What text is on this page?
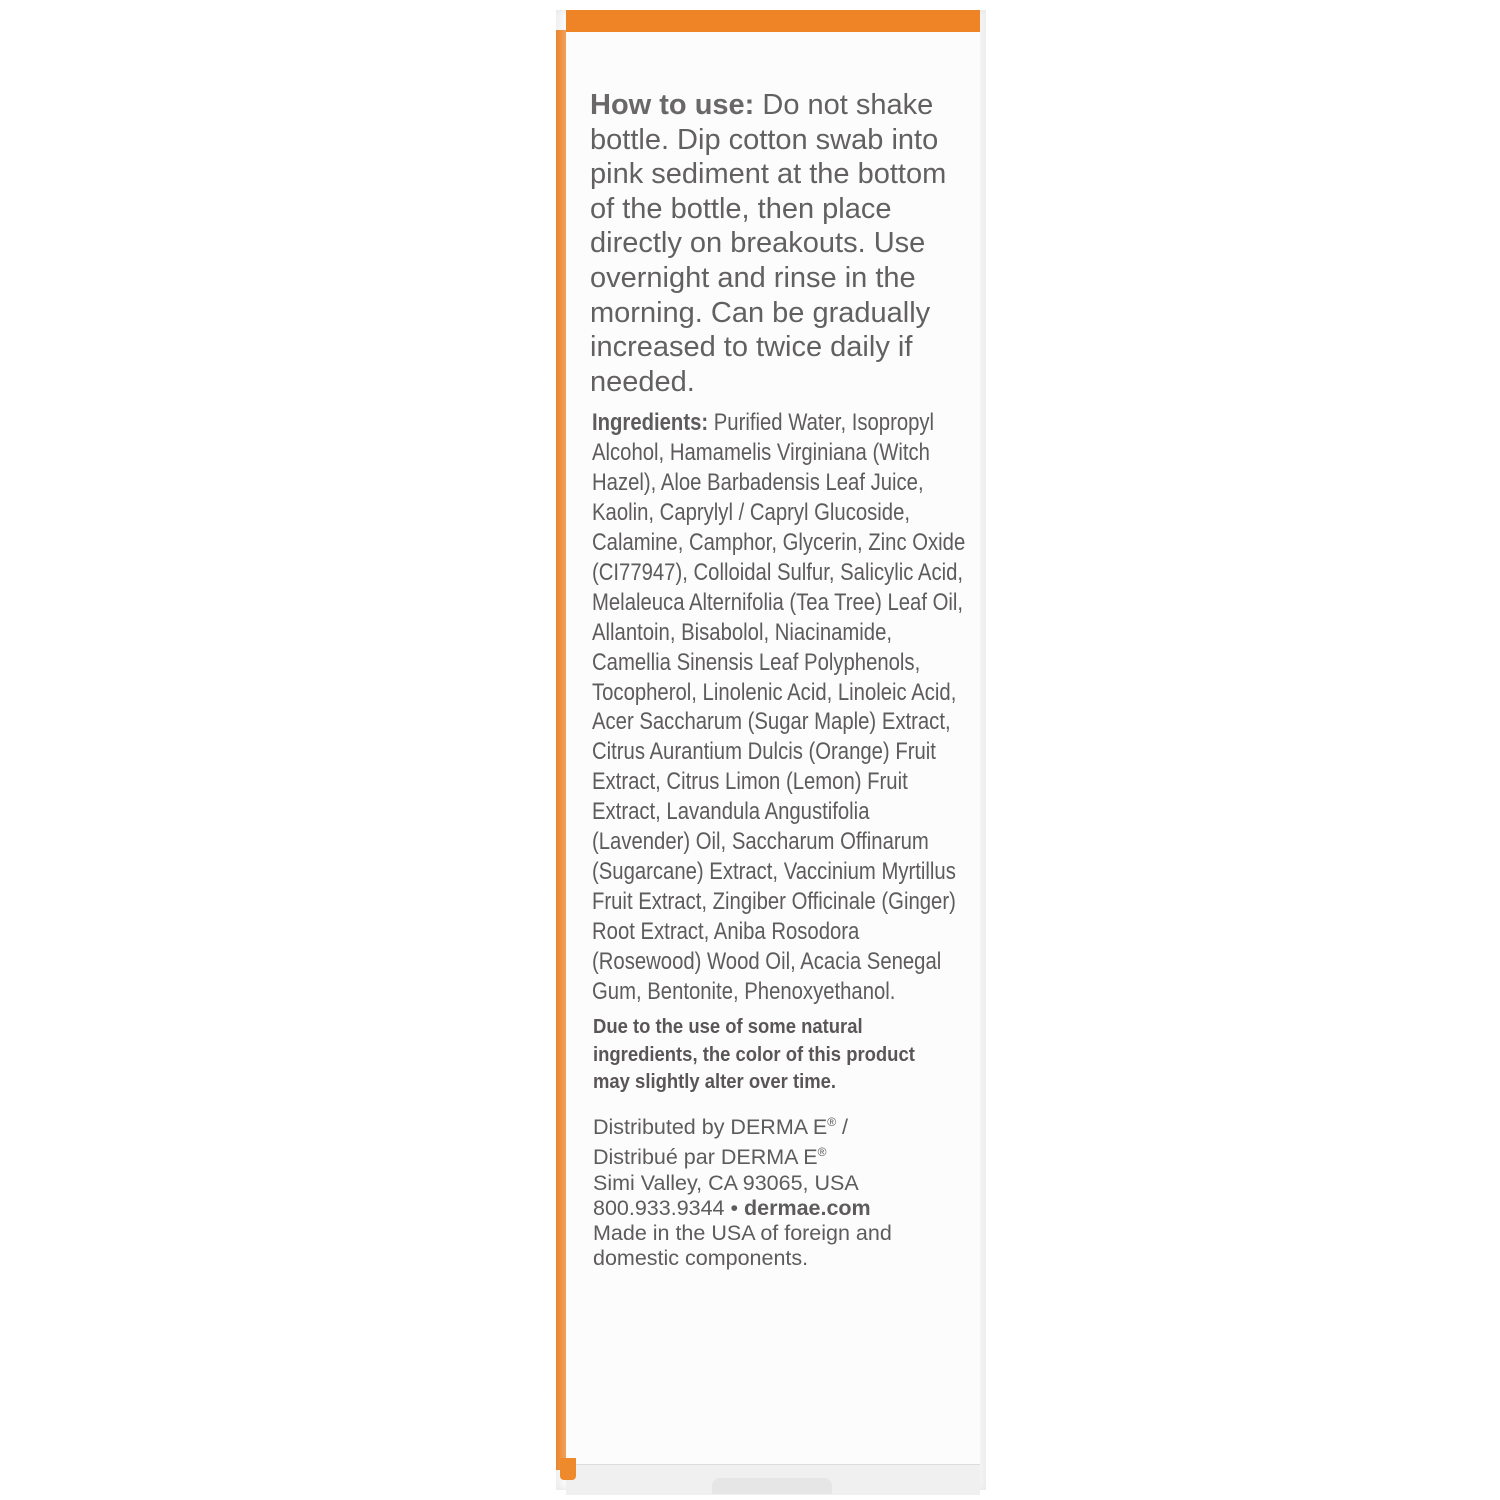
How to use: Do not shake bottle. Dip cotton swab into pink sediment at the bottom of the bottle, then place directly on breakouts. Use overnight and rinse in the morning. Can be gradually increased to twice daily if needed.

Ingredients: Purified Water, Isopropyl Alcohol, Hamamelis Virginiana (Witch Hazel), Aloe Barbadensis Leaf Juice, Kaolin, Caprylyl / Capryl Glucoside, Calamine, Camphor, Glycerin, Zinc Oxide (CI77947), Colloidal Sulfur, Salicylic Acid, Melaleuca Alternifolia (Tea Tree) Leaf Oil, Allantoin, Bisabolol, Niacinamide, Camellia Sinensis Leaf Polyphenols, Tocopherol, Linolenic Acid, Linoleic Acid, Acer Saccharum (Sugar Maple) Extract, Citrus Aurantium Dulcis (Orange) Fruit Extract, Citrus Limon (Lemon) Fruit Extract, Lavandula Angustifolia (Lavender) Oil, Saccharum Offinarum (Sugarcane) Extract, Vaccinium Myrtillus Fruit Extract, Zingiber Officinale (Ginger) Root Extract, Aniba Rosodora (Rosewood) Wood Oil, Acacia Senegal Gum, Bentonite, Phenoxyethanol.

Due to the use of some natural ingredients, the color of this product may slightly alter over time.

Distributed by DERMA E® /
Distribué par DERMA E®
Simi Valley, CA 93065, USA
800.933.9344 • dermae.com
Made in the USA of foreign and
domestic components.
